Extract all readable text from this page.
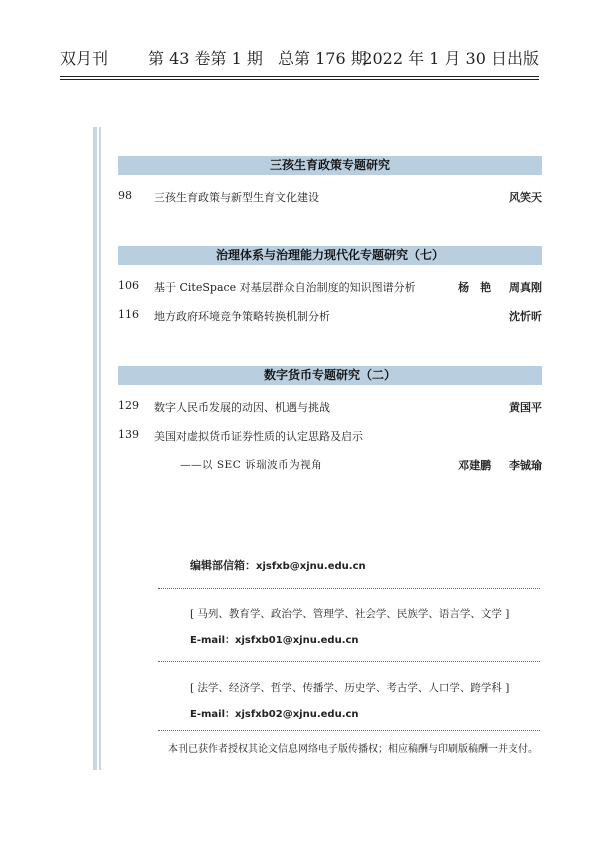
双月刊 第 43 卷第 1 期 总第 176 期
2022 年 1 月 30 日出版
三孩生育政策专题研究
98 三孩生育政策与新型生育文化建设	风笑天
治理体系与治理能力现代化专题研究（七）
106 基于 CiteSpace 对基层群众自治制度的知识图谱分析	杨　艳 周真刚
116 地方政府环境竞争策略转换机制分析	沈忻昕
数字货币专题研究（二）
129 数字人民币发展的动因、机遇与挑战	黄国平
139 美国对虚拟货币证券性质的认定思路及启示
——以 SEC 诉瑞波币为视角	邓建鹏 李铖瑜
编辑部信箱：xjsfxb@xjnu.edu.cn
[ 马列、教育学、政治学、管理学、社会学、民族学、语言学、文学 ]
E-mail：xjsfxb01@xjnu.edu.cn
[ 法学、经济学、哲学、传播学、历史学、考古学、人口学、跨学科 ]
E-mail：xjsfxb02@xjnu.edu.cn
本刊已获作者授权其论文信息网络电子版传播权；相应稿酬与印刷版稿酬一并支付。
